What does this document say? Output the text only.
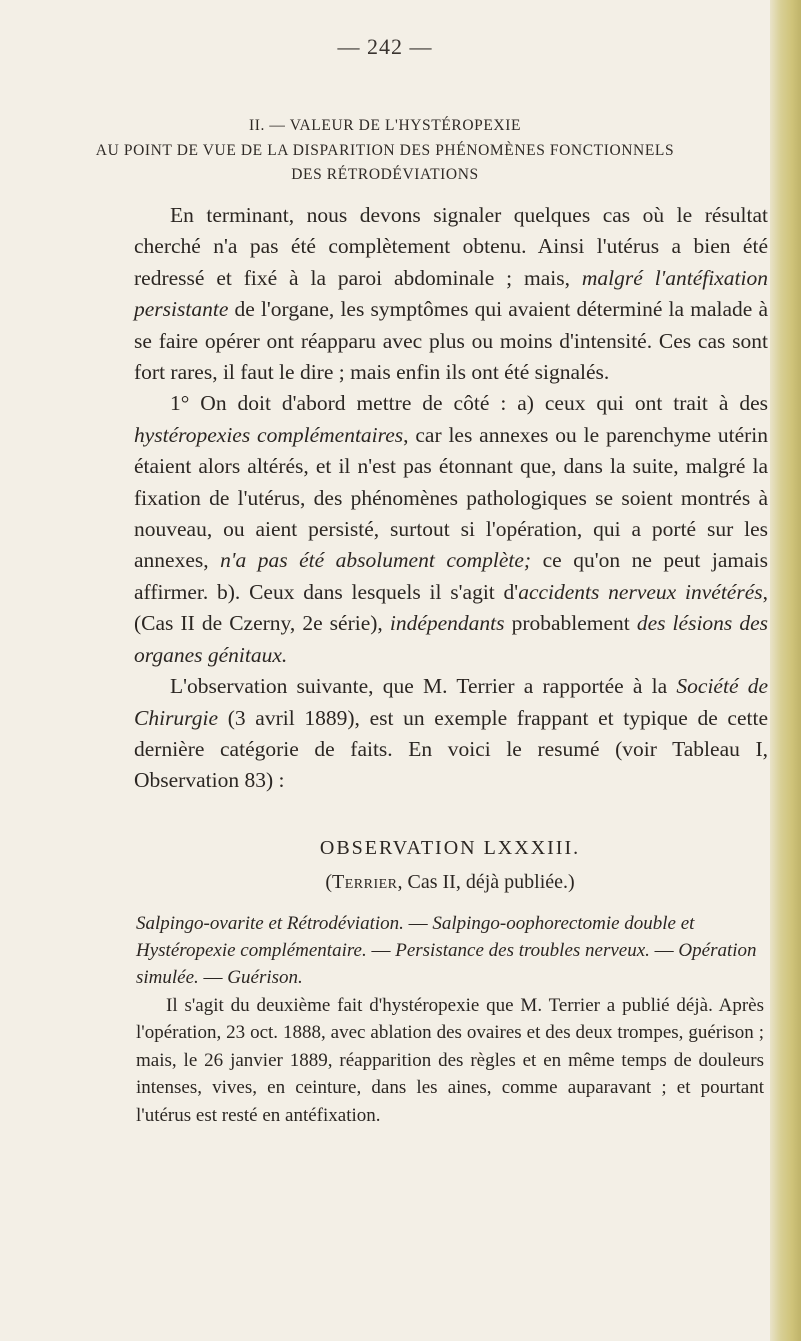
— 242 —
II. — VALEUR DE L'HYSTÉROPEXIE
AU POINT DE VUE DE LA DISPARITION DES PHÉNOMÈNES FONCTIONNELS
DES RÉTRODÉVIATIONS

En terminant, nous devons signaler quelques cas où le résultat cherché n'a pas été complètement obtenu. Ainsi l'utérus a bien été redressé et fixé à la paroi abdominale ; mais, malgré l'antéfixation persistante de l'organe, les symptômes qui avaient déterminé la malade à se faire opérer ont réapparu avec plus ou moins d'intensité. Ces cas sont fort rares, il faut le dire ; mais enfin ils ont été signalés.

1° On doit d'abord mettre de côté : a) ceux qui ont trait à des hystéropexies complémentaires, car les annexes ou le parenchyme utérin étaient alors altérés, et il n'est pas étonnant que, dans la suite, malgré la fixation de l'utérus, des phénomènes pathologiques se soient montrés à nouveau, ou aient persisté, surtout si l'opération, qui a porté sur les annexes, n'a pas été absolument complète; ce qu'on ne peut jamais affirmer. b). Ceux dans lesquels il s'agit d'accidents nerveux invétérés, (Cas II de Czerny, 2e série), indépendants probablement des lésions des organes génitaux.

L'observation suivante, que M. Terrier a rapportée à la Société de Chirurgie (3 avril 1889), est un exemple frappant et typique de cette dernière catégorie de faits. En voici le resumé (voir Tableau I, Observation 83) :

OBSERVATION LXXXIII.
(Terrier, Cas II, déjà publiée.)
Salpingo-ovarite et Rétrodéviation. — Salpingo-oophorectomie double et Hystéropexie complémentaire. — Persistance des troubles nerveux. — Opération simulée. — Guérison.

Il s'agit du deuxième fait d'hystéropexie que M. Terrier a publié déjà. Après l'opération, 23 oct. 1888, avec ablation des ovaires et des deux trompes, guérison ; mais, le 26 janvier 1889, réapparition des règles et en même temps de douleurs intenses, vives, en ceinture, dans les aines, comme auparavant ; et pourtant l'utérus est resté en antéfixation.
